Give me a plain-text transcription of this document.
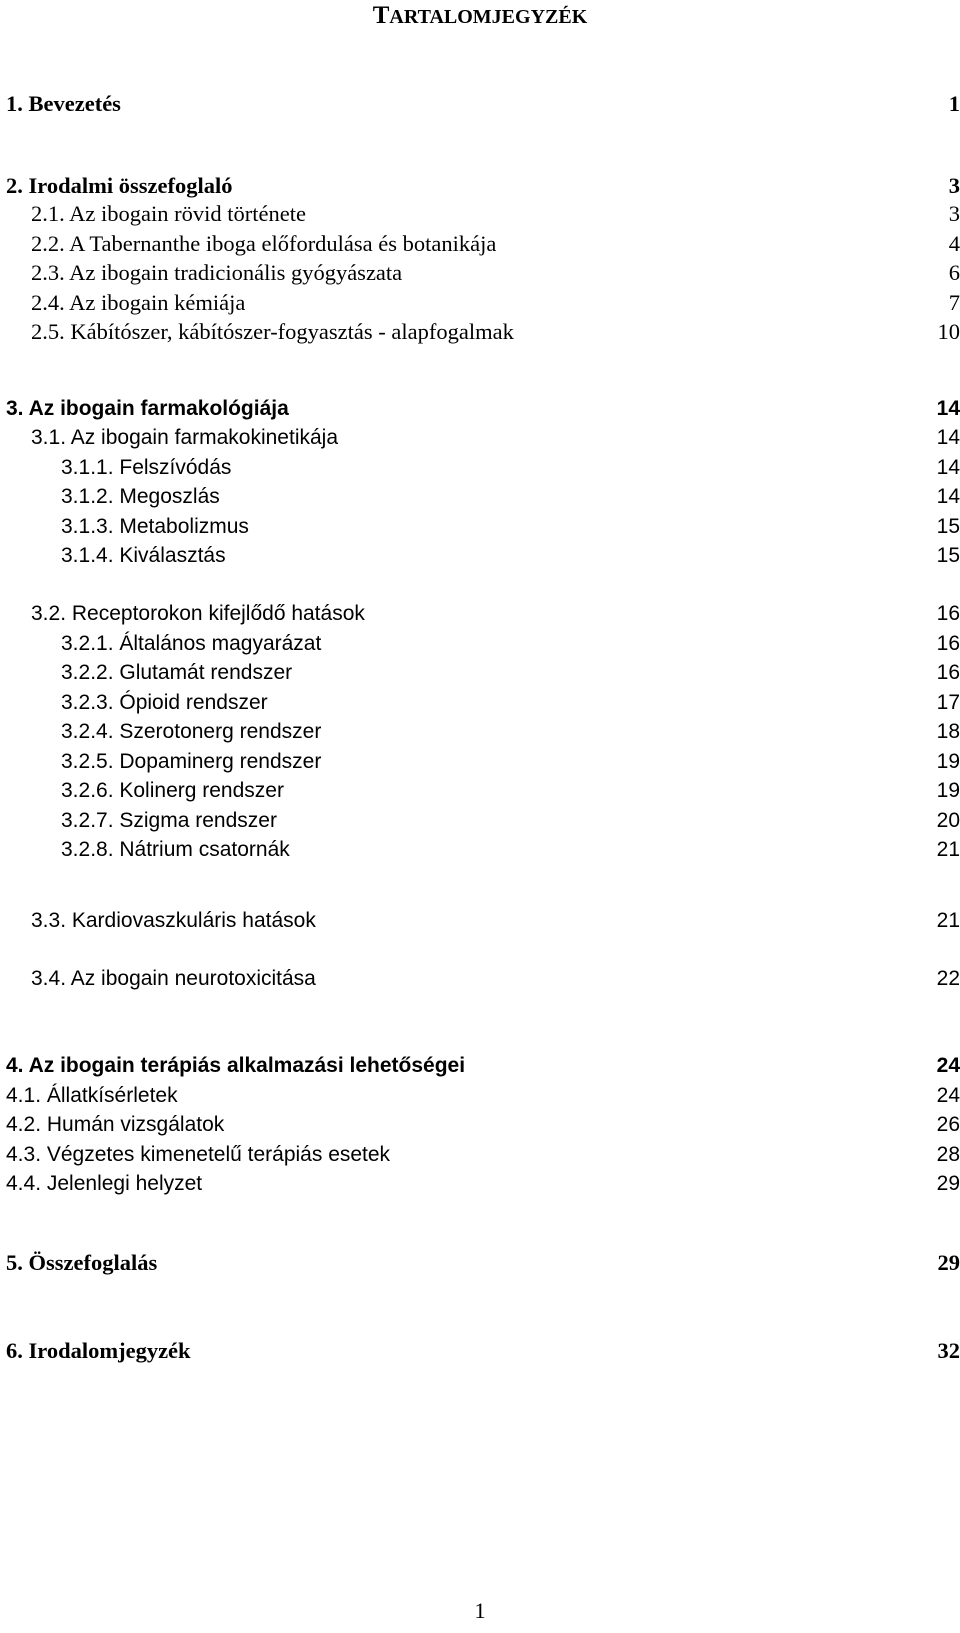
TARTALOMJEGYZÉK
1. Bevezetés	1
2. Irodalmi összefoglaló	3
2.1. Az ibogain rövid története	3
2.2. A Tabernanthe iboga előfordulása és botanikája	4
2.3. Az ibogain tradicionális gyógyászata	6
2.4. Az ibogain kémiája	7
2.5. Kábítószer, kábítószer-fogyasztás - alapfogalmak	10
3. Az ibogain farmakológiája	14
3.1. Az ibogain farmakokinetikája	14
3.1.1. Felszívódás	14
3.1.2. Megoszlás	14
3.1.3. Metabolizmus	15
3.1.4. Kiválasztás	15
3.2. Receptorokon kifejlődő hatások	16
3.2.1. Általános magyarázat	16
3.2.2. Glutamát rendszer	16
3.2.3. Ópioid rendszer	17
3.2.4. Szerotonerg rendszer	18
3.2.5. Dopaminerg rendszer	19
3.2.6. Kolinerg rendszer	19
3.2.7. Szigma rendszer	20
3.2.8. Nátrium csatornák	21
3.3. Kardiovaszkuláris hatások	21
3.4. Az ibogain neurotoxicitása	22
4. Az ibogain terápiás alkalmazási lehetőségei	24
4.1. Állatkísérletek	24
4.2. Humán vizsgálatok	26
4.3. Végzetes kimenetelű terápiás esetek	28
4.4. Jelenlegi helyzet	29
5. Összefoglalás	29
6. Irodalomjegyzék	32
1
